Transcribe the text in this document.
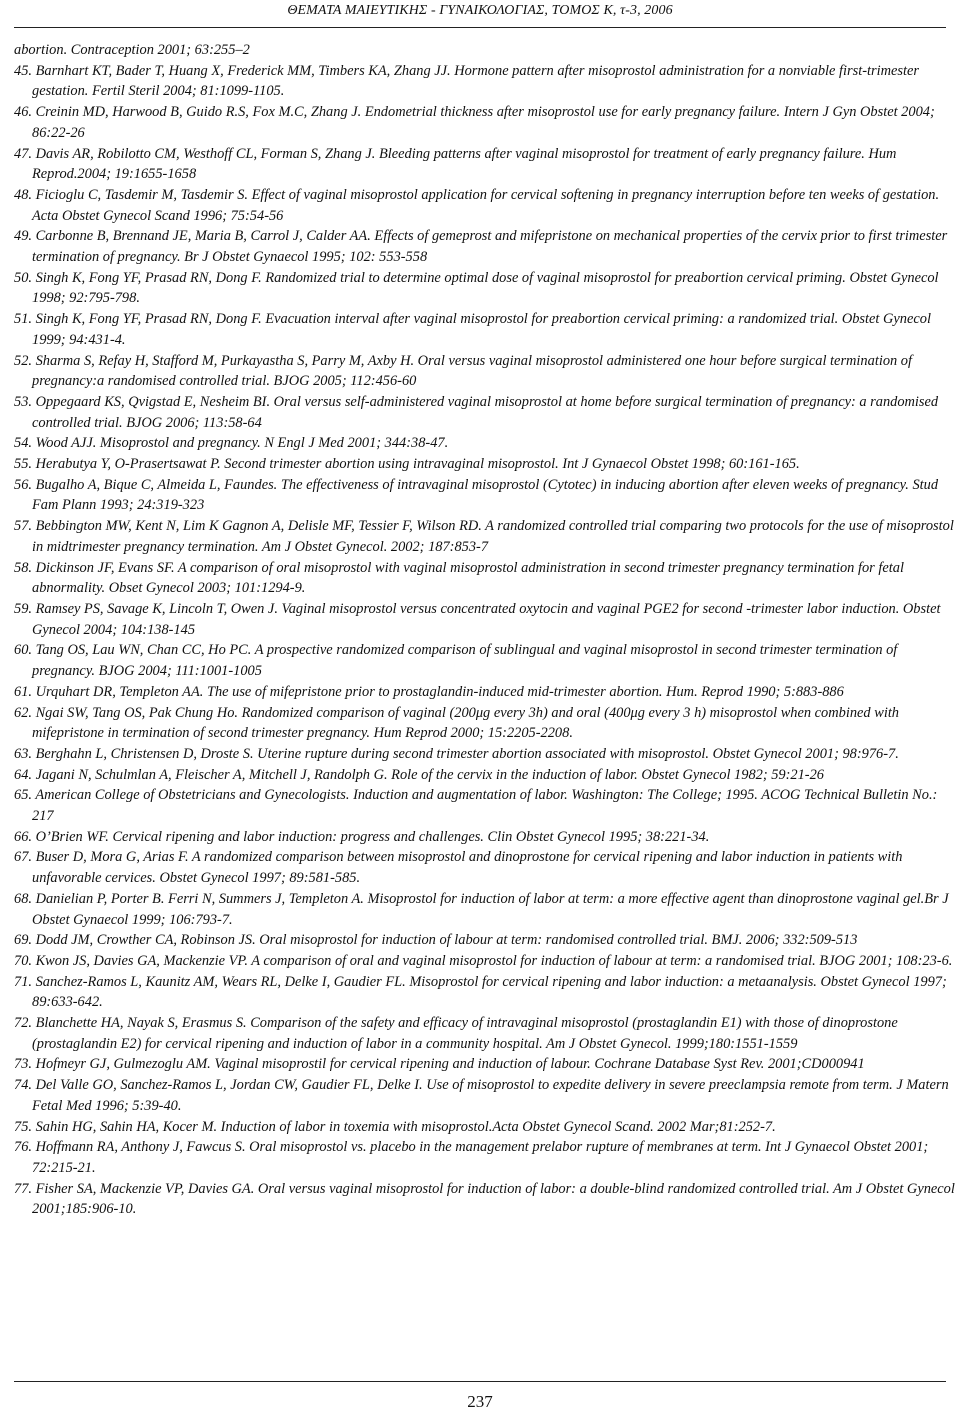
ΘΕΜΑΤΑ ΜΑΙΕΥΤΙΚΗΣ - ΓΥΝΑΙΚΟΛΟΓΙΑΣ, ΤΟΜΟΣ Κ, τ-3, 2006
abortion. Contraception 2001; 63:255–2
45. Barnhart KT, Bader T, Huang X, Frederick MM, Timbers KA, Zhang JJ. Hormone pattern after misoprostol administration for a nonviable first-trimester gestation. Fertil Steril 2004; 81:1099-1105.
46. Creinin MD, Harwood B, Guido R.S, Fox M.C, Zhang J. Endometrial thickness after misoprostol use for early pregnancy failure. Intern J Gyn Obstet 2004; 86:22-26
47. Davis AR, Robilotto CM, Westhoff CL, Forman S, Zhang J. Bleeding patterns after vaginal misoprostol for treatment of early pregnancy failure. Hum Reprod.2004; 19:1655-1658
48. Ficioglu C, Tasdemir M, Tasdemir S. Effect of vaginal misoprostol application for cervical softening in pregnancy interruption before ten weeks of gestation. Acta Obstet Gynecol Scand 1996; 75:54-56
49. Carbonne B, Brennand JE, Maria B, Carrol J, Calder AA. Effects of gemeprost and mifepristone on mechanical properties of the cervix prior to first trimester termination of pregnancy. Br J Obstet Gynaecol 1995; 102: 553-558
50. Singh K, Fong YF, Prasad RN, Dong F. Randomized trial to determine optimal dose of vaginal misoprostol for preabortion cervical priming. Obstet Gynecol 1998; 92:795-798.
51. Singh K, Fong YF, Prasad RN, Dong F. Evacuation interval after vaginal misoprostol for preabortion cervical priming: a randomized trial. Obstet Gynecol 1999; 94:431-4.
52. Sharma S, Refay H, Stafford M, Purkayastha S, Parry M, Axby H. Oral versus vaginal misoprostol administered one hour before surgical termination of pregnancy:a randomised controlled trial. BJOG 2005; 112:456-60
53. Oppegaard KS, Qvigstad E, Nesheim BI. Oral versus self-administered vaginal misoprostol at home before surgical termination of pregnancy: a randomised controlled trial. BJOG 2006; 113:58-64
54. Wood AJJ. Misoprostol and pregnancy. N Engl J Med 2001; 344:38-47.
55. Herabutya Y, O-Prasertsawat P. Second trimester abortion using intravaginal misoprostol. Int J Gynaecol Obstet 1998; 60:161-165.
56. Bugalho A, Bique C, Almeida L, Faundes. The effectiveness of intravaginal misoprostol (Cytotec) in inducing abortion after eleven weeks of pregnancy. Stud Fam Plann 1993; 24:319-323
57. Bebbington MW, Kent N, Lim K Gagnon A, Delisle MF, Tessier F, Wilson RD. A randomized controlled trial comparing two protocols for the use of misoprostol in midtrimester pregnancy termination. Am J Obstet Gynecol. 2002; 187:853-7
58. Dickinson JF, Evans SF. A comparison of oral misoprostol with vaginal misoprostol administration in second trimester pregnancy termination for fetal abnormality. Obset Gynecol 2003; 101:1294-9.
59. Ramsey PS, Savage K, Lincoln T, Owen J. Vaginal misoprostol versus concentrated oxytocin and vaginal PGE2 for second -trimester labor induction. Obstet Gynecol 2004; 104:138-145
60. Tang OS, Lau WN, Chan CC, Ho PC. A prospective randomized comparison of sublingual and vaginal misoprostol in second trimester termination of pregnancy. BJOG 2004; 111:1001-1005
61. Urquhart DR, Templeton AA. The use of mifepristone prior to prostaglandin-induced mid-trimester abortion. Hum. Reprod 1990; 5:883-886
62. Ngai SW, Tang OS, Pak Chung Ho. Randomized comparison of vaginal (200μg every 3h) and oral (400μg every 3 h) misoprostol when combined with mifepristone in termination of second trimester pregnancy. Hum Reprod 2000; 15:2205-2208.
63. Berghahn L, Christensen D, Droste S. Uterine rupture during second trimester abortion associated with misoprostol. Obstet Gynecol 2001; 98:976-7.
64. Jagani N, Schulmlan A, Fleischer A, Mitchell J, Randolph G. Role of the cervix in the induction of labor. Obstet Gynecol 1982; 59:21-26
65. American College of Obstetricians and Gynecologists. Induction and augmentation of labor. Washington: The College; 1995. ACOG Technical Bulletin No.: 217
66. O’Brien WF. Cervical ripening and labor induction: progress and challenges. Clin Obstet Gynecol 1995; 38:221-34.
67. Buser D, Mora G, Arias F. A randomized comparison between misoprostol and dinoprostone for cervical ripening and labor induction in patients with unfavorable cervices. Obstet Gynecol 1997; 89:581-585.
68. Danielian P, Porter B. Ferri N, Summers J, Templeton A. Misoprostol for induction of labor at term: a more effective agent than dinoprostone vaginal gel.Br J Obstet Gynaecol 1999; 106:793-7.
69. Dodd JM, Crowther CA, Robinson JS. Oral misoprostol for induction of labour at term: randomised controlled trial. BMJ. 2006; 332:509-513
70. Kwon JS, Davies GA, Mackenzie VP. A comparison of oral and vaginal misoprostol for induction of labour at term: a randomised trial. BJOG 2001; 108:23-6.
71. Sanchez-Ramos L, Kaunitz AM, Wears RL, Delke I, Gaudier FL. Misoprostol for cervical ripening and labor induction: a metaanalysis. Obstet Gynecol 1997; 89:633-642.
72. Blanchette HA, Nayak S, Erasmus S. Comparison of the safety and efficacy of intravaginal misoprostol (prostaglandin E1) with those of dinoprostone (prostaglandin E2) for cervical ripening and induction of labor in a community hospital. Am J Obstet Gynecol. 1999;180:1551-1559
73. Hofmeyr GJ, Gulmezoglu AM. Vaginal misoprostil for cervical ripening and induction of labour. Cochrane Database Syst Rev. 2001;CD000941
74. Del Valle GO, Sanchez-Ramos L, Jordan CW, Gaudier FL, Delke I. Use of misoprostol to expedite delivery in severe preeclampsia remote from term. J Matern Fetal Med 1996; 5:39-40.
75. Sahin HG, Sahin HA, Kocer M. Induction of labor in toxemia with misoprostol.Acta Obstet Gynecol Scand. 2002 Mar;81:252-7.
76. Hoffmann RA, Anthony J, Fawcus S. Oral misoprostol vs. placebo in the management prelabor rupture of membranes at term. Int J Gynaecol Obstet 2001; 72:215-21.
77. Fisher SA, Mackenzie VP, Davies GA. Oral versus vaginal misoprostol for induction of labor: a double-blind randomized controlled trial. Am J Obstet Gynecol 2001;185:906-10.
237
